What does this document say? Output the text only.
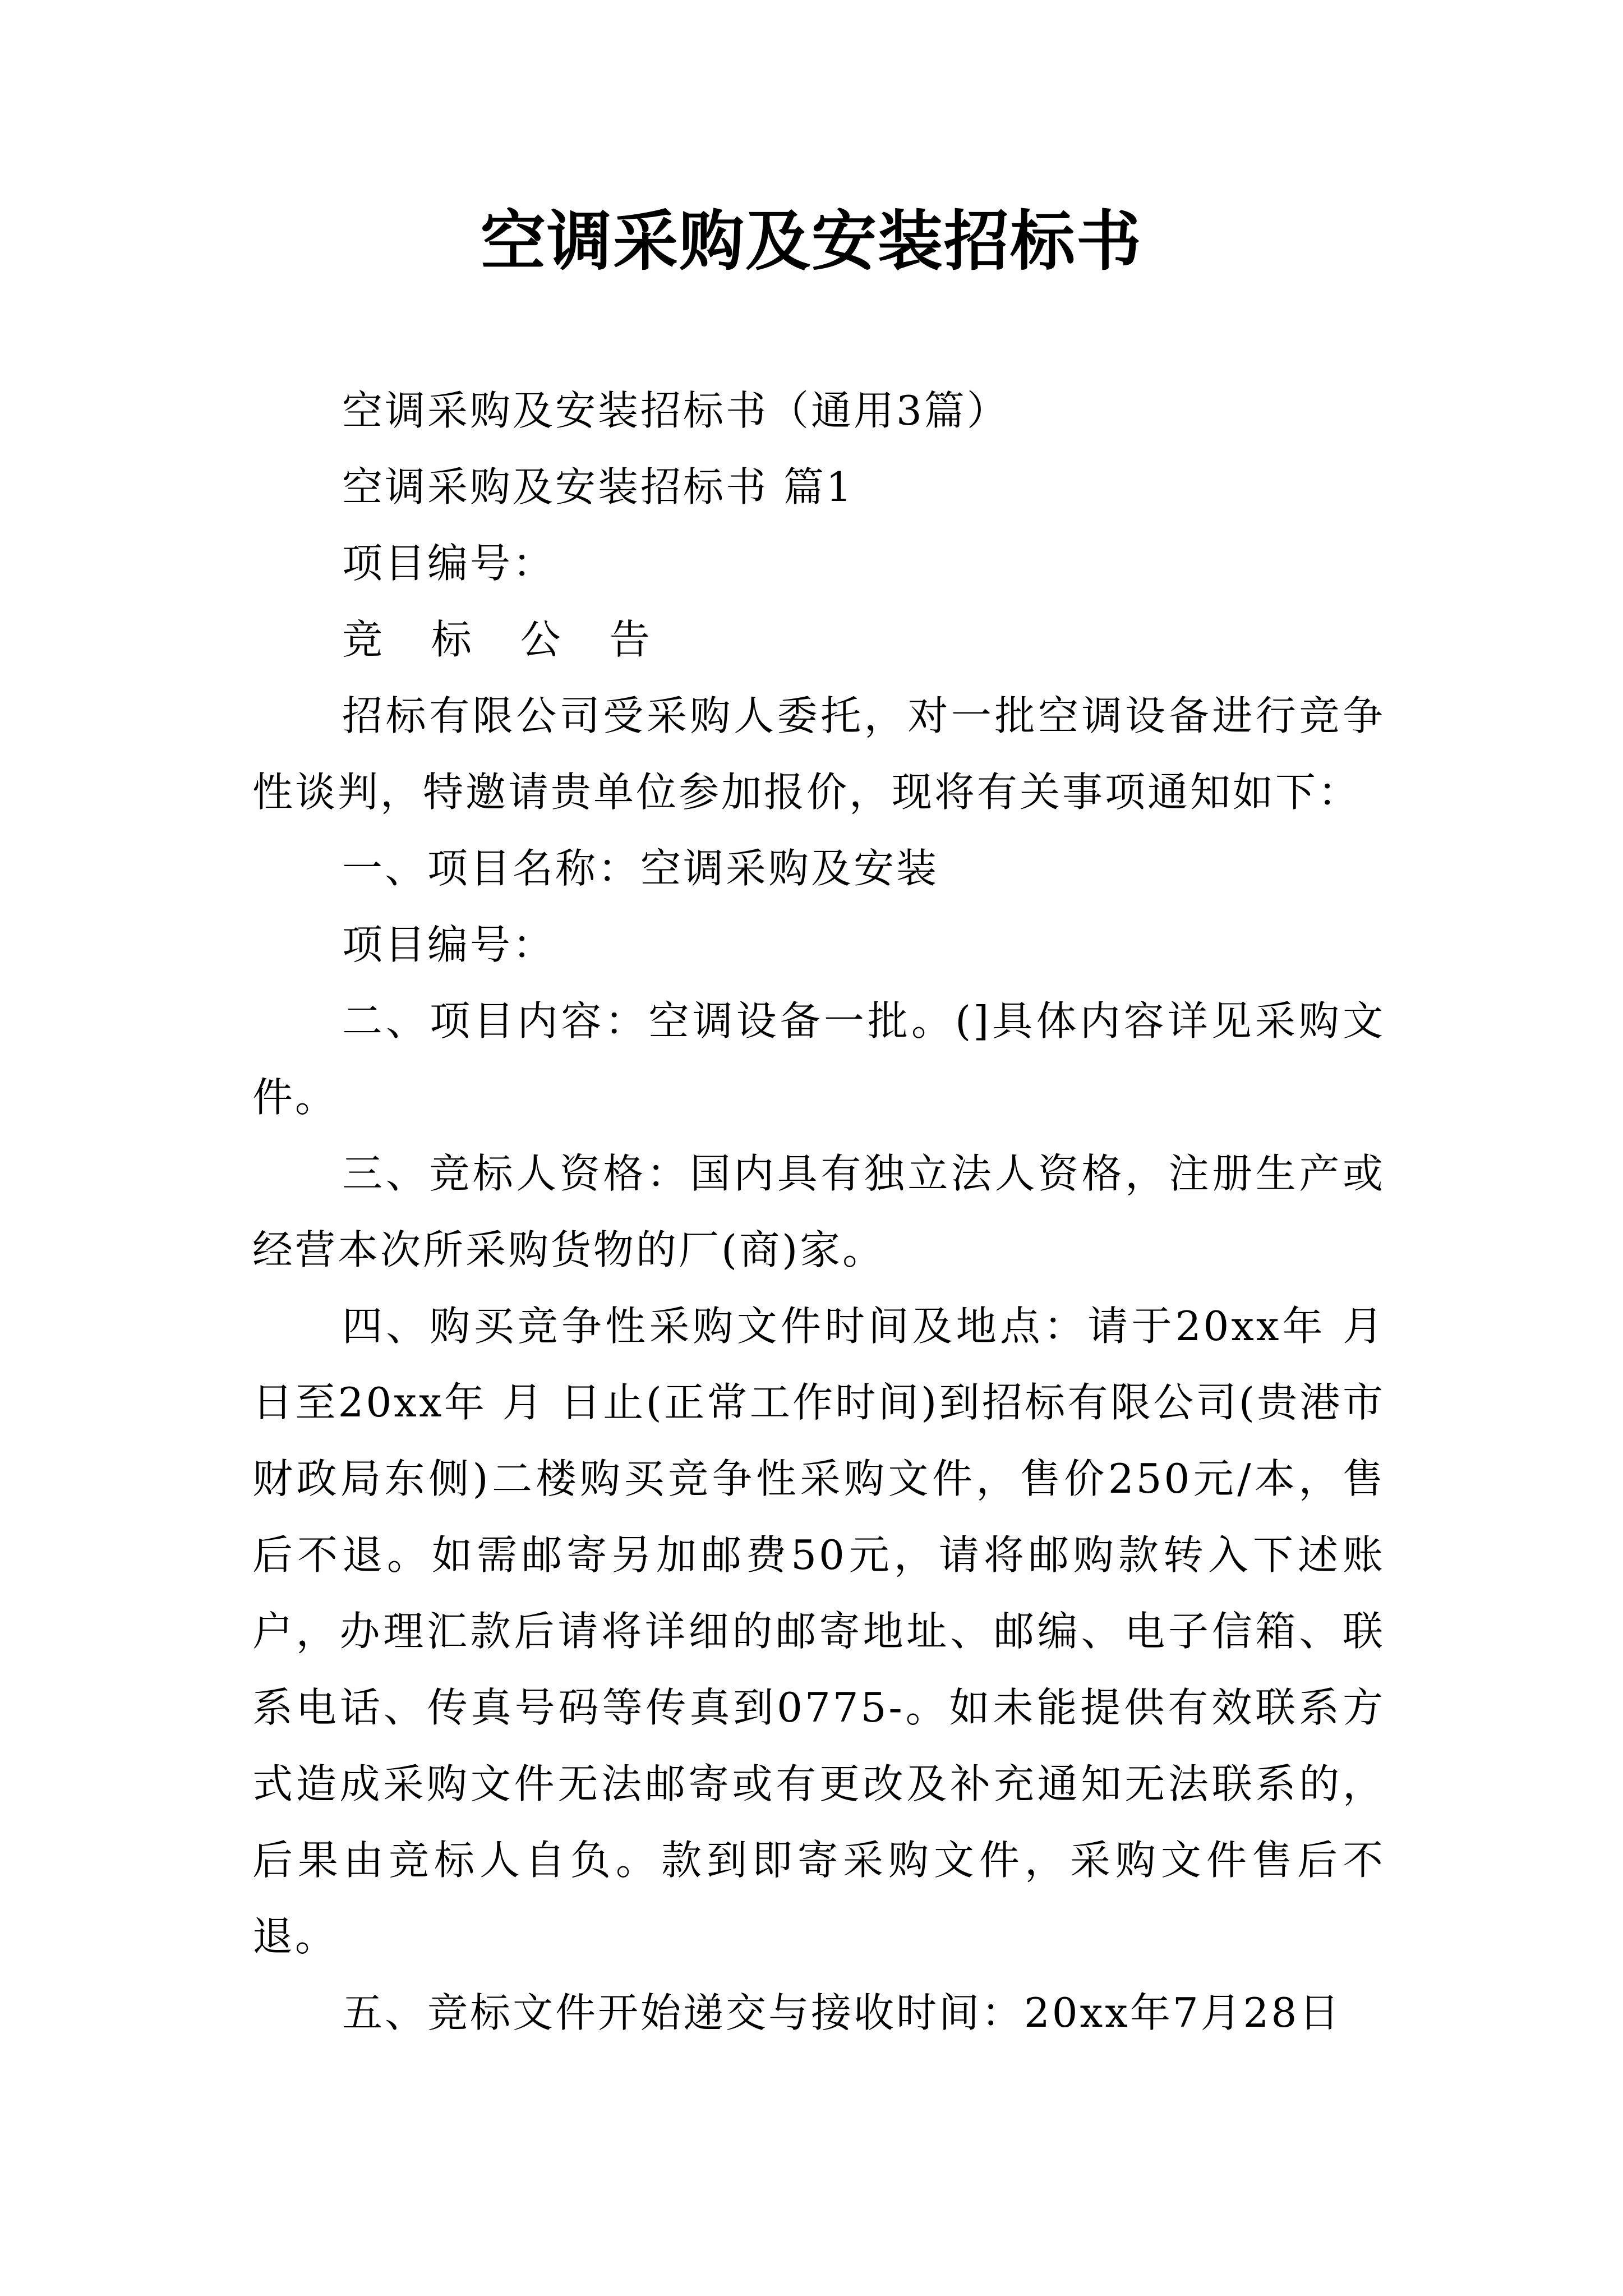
空调采购及安装招标书

空调采购及安装招标书（通用3篇）

空调采购及安装招标书 篇1

项目编号：

竞 标 公 告

招标有限公司受采购人委托，对一批空调设备进行竞争性谈判，特邀请贵单位参加报价，现将有关事项通知如下：

一、项目名称：空调采购及安装

项目编号：

二、项目内容：空调设备一批。(]具体内容详见采购文件。

三、竞标人资格：国内具有独立法人资格，注册生产或经营本次所采购货物的厂(商)家。

四、购买竞争性采购文件时间及地点：请于20xx年 月 日至20xx年 月 日止(正常工作时间)到招标有限公司(贵港市财政局东侧)二楼购买竞争性采购文件，售价250元/本，售后不退。如需邮寄另加邮费50元，请将邮购款转入下述账户，办理汇款后请将详细的邮寄地址、邮编、电子信箱、联系电话、传真号码等传真到0775-。如未能提供有效联系方式造成采购文件无法邮寄或有更改及补充通知无法联系的，后果由竞标人自负。款到即寄采购文件，采购文件售后不退。

五、竞标文件开始递交与接收时间：20xx年7月28日
